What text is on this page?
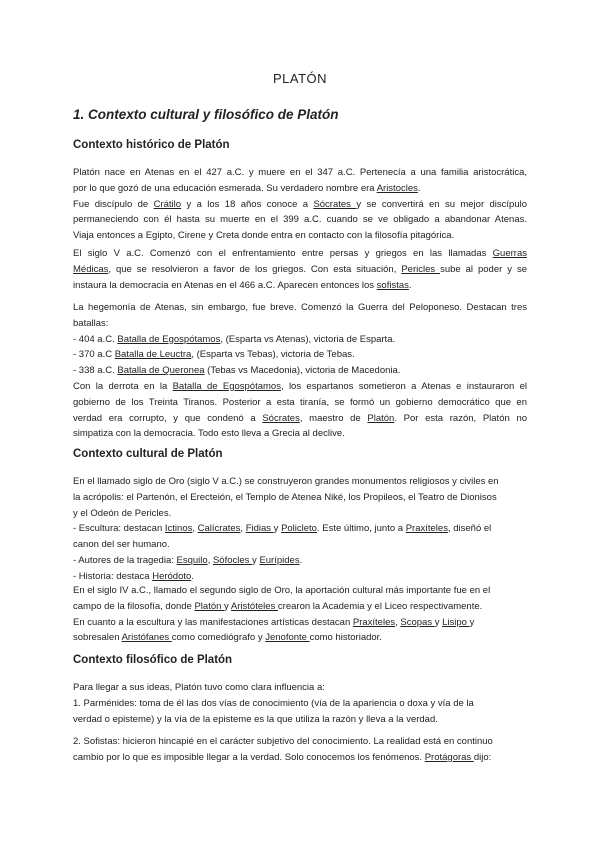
PLATÓN
1. Contexto cultural y filosófico de Platón
Contexto histórico de Platón
Platón nace en Atenas en el 427 a.C. y muere en el 347 a.C. Pertenecía a una familia aristocrática,
por lo que gozó de una educación esmerada. Su verdadero nombre era Aristocles.
Fue discípulo de Crátilo y a los 18 años conoce a Sócrates y se convertirá en su mejor discípulo
permaneciendo con él hasta su muerte en el 399 a.C. cuando se ve obligado a abandonar Atenas.
Viaja entonces a Egipto, Cirene y Creta donde entra en contacto con la filosofía pitagórica.
El siglo V a.C. Comenzó con el enfrentamiento entre persas y griegos en las llamadas Guerras
Médicas, que se resolvieron a favor de los griegos. Con esta situación, Pericles sube al poder y se
instaura la democracia en Atenas en el 466 a.C. Aparecen entonces los sofistas.
La hegemonía de Atenas, sin embargo, fue breve. Comenzó la Guerra del Peloponeso. Destacan tres
batallas:
- 404 a.C. Batalla de Egospótamos, (Esparta vs Atenas), victoria de Esparta.
- 370 a.C Batalla de Leuctra, (Esparta vs Tebas), victoria de Tebas.
- 338 a.C. Batalla de Queronea (Tebas vs Macedonia), victoria de Macedonia.
Con la derrota en la Batalla de Egospótamos, los espartanos sometieron a Atenas e instauraron el
gobierno de los Treinta Tiranos. Posterior a esta tiranía, se formó un gobierno democrático que en
verdad era corrupto, y que condenó a Sócrates, maestro de Platón. Por esta razón, Platón no
simpatiza con la democracia. Todo esto lleva a Grecia al declive.
Contexto cultural de Platón
En el llamado siglo de Oro (siglo V a.C.) se construyeron grandes monumentos religiosos y civiles en
la acrópolis: el Partenón, el Erecteión, el Templo de Atenea Niké, los Propileos, el Teatro de Dionisos
y el Odeón de Pericles.
- Escultura: destacan Ictinos, Calícrates, Fidias y Policleto. Este último, junto a Praxíteles, diseñó el
canon del ser humano.
- Autores de la tragedia: Esquilo, Sófocles y Eurípides.
- Historia: destaca Heródoto.
En el siglo IV a.C., llamado el segundo siglo de Oro, la aportación cultural más importante fue en el
campo de la filosofía, donde Platón y Aristóteles crearon la Academia y el Liceo respectivamente.
En cuanto a la escultura y las manifestaciones artísticas destacan Praxíteles, Scopas y Lisipo y
sobresalen Aristófanes como comediógrafo y Jenofonte como historiador.
Contexto filosófico de Platón
Para llegar a sus ideas, Platón tuvo como clara influencia a:
1. Parménides: toma de él las dos vías de conocimiento (vía de la apariencia o doxa y vía de la
verdad o episteme) y la vía de la episteme es la que utiliza la razón y lleva a la verdad.
2. Sofistas: hicieron hincapié en el carácter subjetivo del conocimiento. La realidad está en continuo
cambio por lo que es imposible llegar a la verdad. Solo conocemos los fenómenos. Protágoras dijo:
